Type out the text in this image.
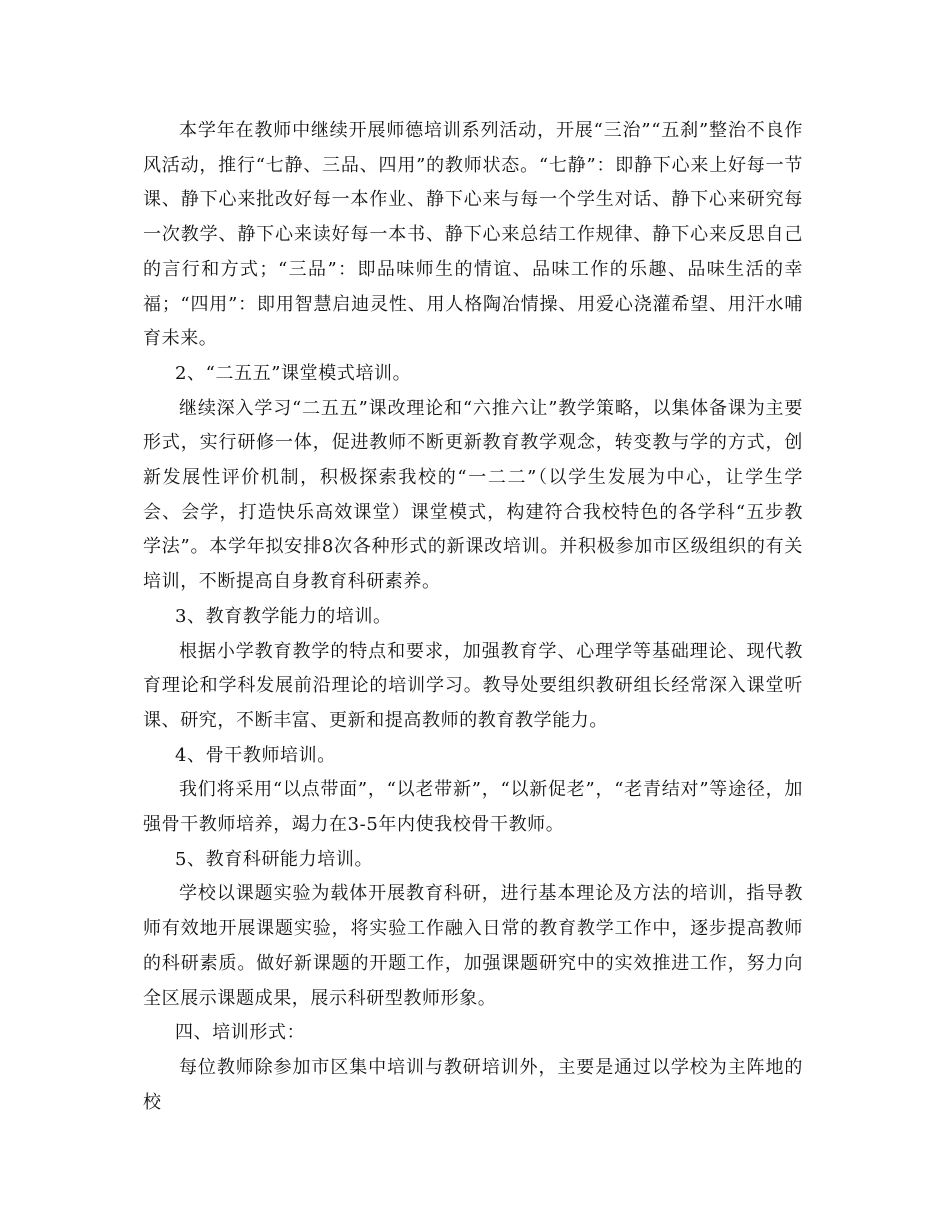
本学年在教师中继续开展师德培训系列活动，开展“三治”“五刹”整治不良作风活动，推行“七静、三品、四用”的教师状态。“七静”：即静下心来上好每一节课、静下心来批改好每一本作业、静下心来与每一个学生对话、静下心来研究每一次教学、静下心来读好每一本书、静下心来总结工作规律、静下心来反思自己的言行和方式；“三品”：即品味师生的情谊、品味工作的乐趣、品味生活的幸福；“四用”：即用智慧启迪灵性、用人格陶冶情操、用爱心浇灌希望、用汗水哺育未来。

2、“二五五”课堂模式培训。

继续深入学习“二五五”课改理论和“六推六让”教学策略，以集体备课为主要形式，实行研修一体，促进教师不断更新教育教学观念，转变教与学的方式，创新发展性评价机制，积极探索我校的“一二二”（以学生发展为中心，让学生学会、会学，打造快乐高效课堂）课堂模式，构建符合我校特色的各学科“五步教学法”。本学年拟安排8次各种形式的新课改培训。并积极参加市区级组织的有关培训，不断提高自身教育科研素养。

3、教育教学能力的培训。

根据小学教育教学的特点和要求，加强教育学、心理学等基础理论、现代教育理论和学科发展前沿理论的培训学习。教导处要组织教研组长经常深入课堂听课、研究，不断丰富、更新和提高教师的教育教学能力。

4、骨干教师培训。

我们将采用“以点带面”，“以老带新”，“以新促老”，“老青结对”等途径，加强骨干教师培养，竭力在3-5年内使我校骨干教师。

5、教育科研能力培训。

学校以课题实验为载体开展教育科研，进行基本理论及方法的培训，指导教师有效地开展课题实验，将实验工作融入日常的教育教学工作中，逐步提高教师的科研素质。做好新课题的开题工作，加强课题研究中的实效推进工作，努力向全区展示课题成果，展示科研型教师形象。

四、培训形式：

每位教师除参加市区集中培训与教研培训外，主要是通过以学校为主阵地的校
